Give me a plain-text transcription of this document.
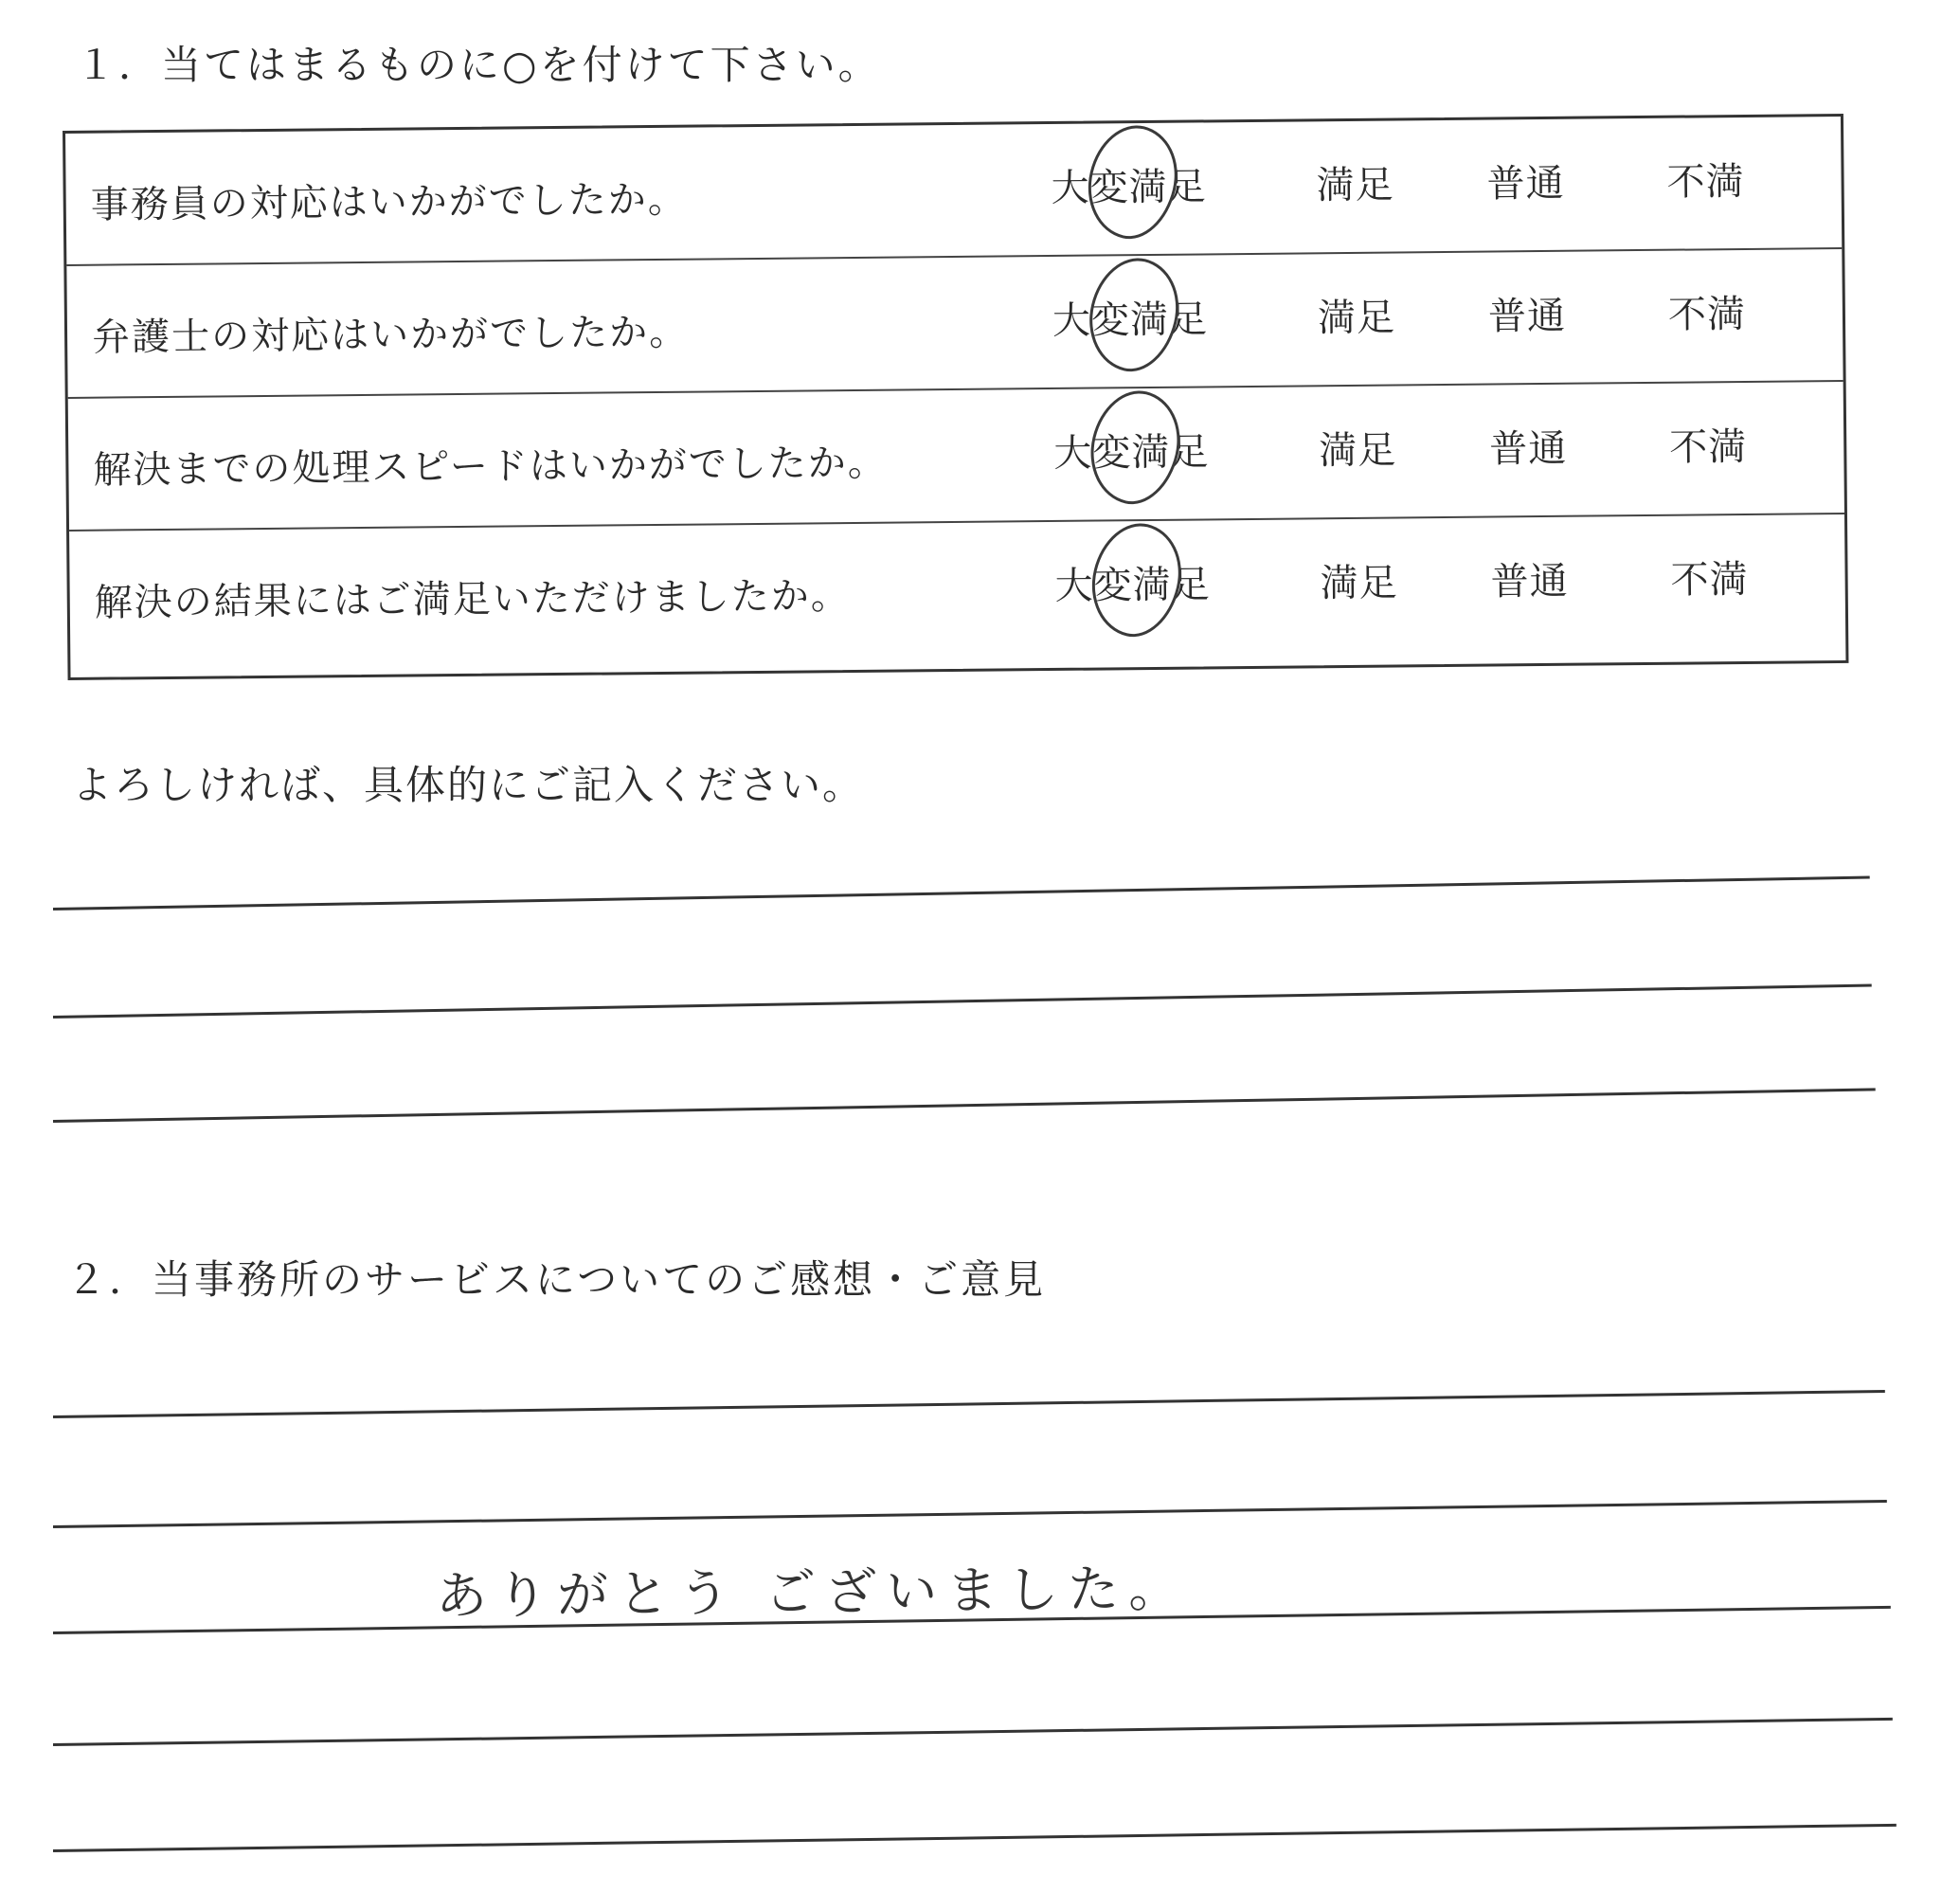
１．当てはまるものに○を付けて下さい。
事務員の対応はいかがでしたか。	大変満足	満足 普通	不満
弁護士の対応はいかがでしたか。	大変満足	満足 普通	不満
解決までの処理スピードはいかがでしたか。	大変満足	満足 普通	不満
解決の結果にはご満足いただけましたか。	大変満足	満足 普通	不満
よろしければ、具体的にご記入ください。
２．当事務所のサービスについてのご感想・ご意見
ありがとう ございました。
